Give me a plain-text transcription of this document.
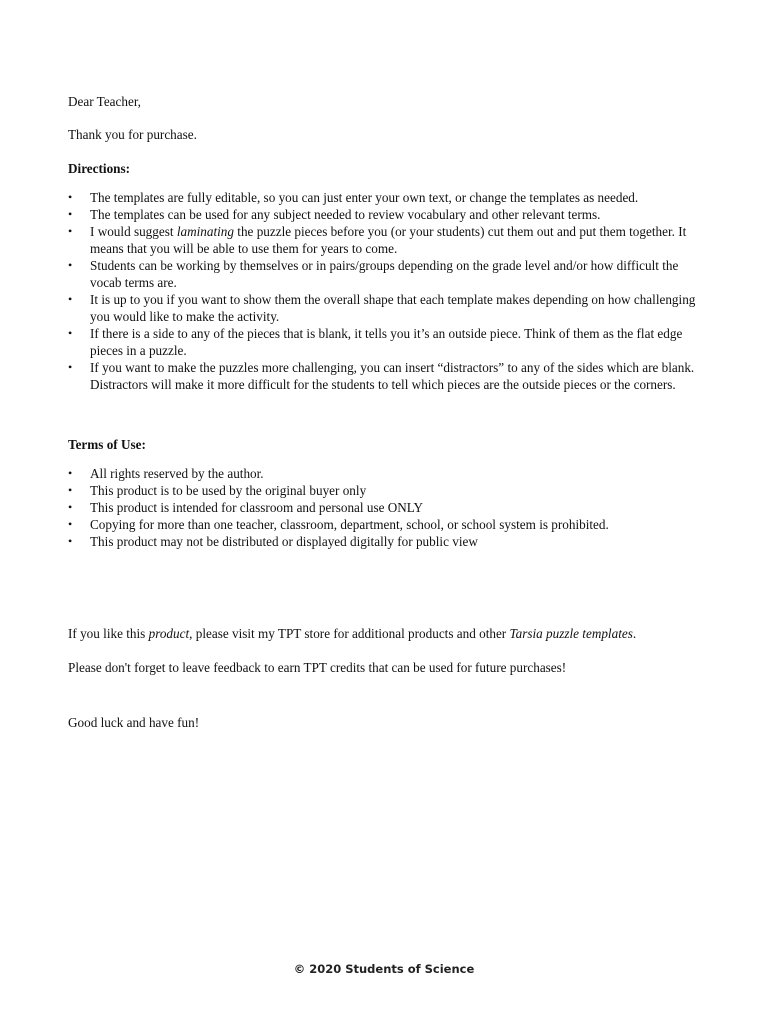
Dear Teacher,

Thank you for purchase.

Directions:

• The templates are fully editable, so you can just enter your own text, or change the templates as needed.
• The templates can be used for any subject needed to review vocabulary and other relevant terms.
• I would suggest laminating the puzzle pieces before you (or your students) cut them out and put them together. It means that you will be able to use them for years to come.
• Students can be working by themselves or in pairs/groups depending on the grade level and/or how difficult the vocab terms are.
• It is up to you if you want to show them the overall shape that each template makes depending on how challenging you would like to make the activity.
• If there is a side to any of the pieces that is blank, it tells you it’s an outside piece. Think of them as the flat edge pieces in a puzzle.
• If you want to make the puzzles more challenging, you can insert “distractors” to any of the sides which are blank. Distractors will make it more difficult for the students to tell which pieces are the outside pieces or the corners.

Terms of Use:

• All rights reserved by the author.
• This product is to be used by the original buyer only
• This product is intended for classroom and personal use ONLY
• Copying for more than one teacher, classroom, department, school, or school system is prohibited.
• This product may not be distributed or displayed digitally for public view

If you like this product, please visit my TPT store for additional products and other Tarsia puzzle templates.

Please don't forget to leave feedback to earn TPT credits that can be used for future purchases!

Good luck and have fun!

© 2020 Students of Science
